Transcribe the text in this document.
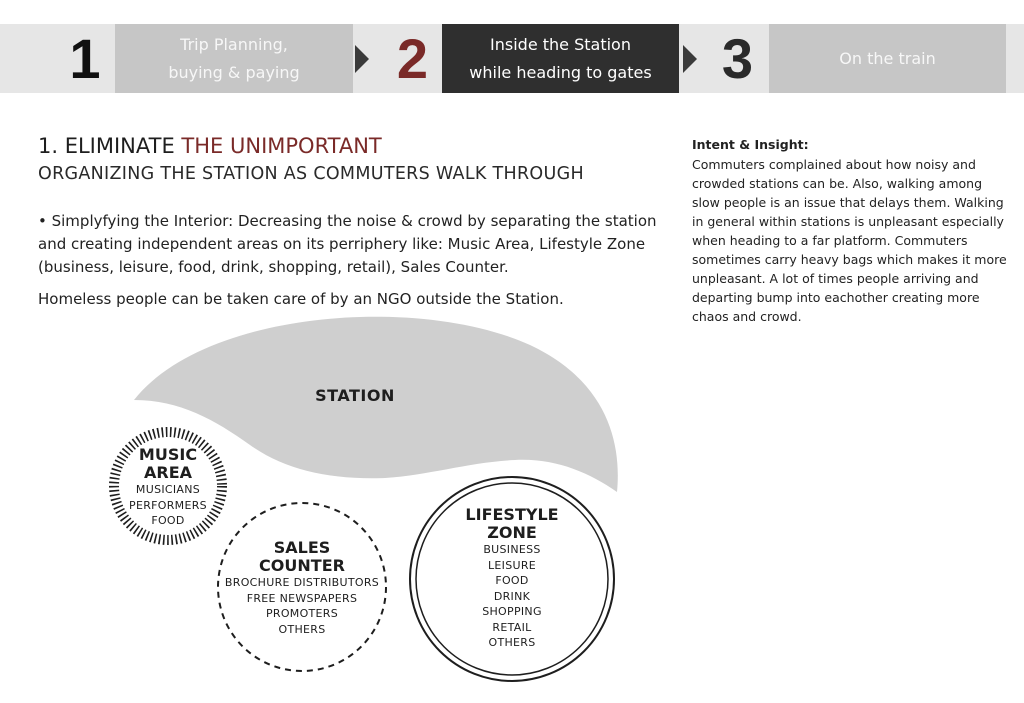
1	Trip Planning,
buying & paying 2	Inside the Station
while heading to gates	3	On the train
1. ELIMINATE THE UNIMPORTANT
ORGANIZING THE STATION AS COMMUTERS WALK THROUGH
• Simplyfying the Interior: Decreasing the noise & crowd by separating the station and creating independent areas on its perriphery like: Music Area, Lifestyle Zone (business, leisure, food, drink, shopping, retail), Sales Counter.
Homeless people can be taken care of by an NGO outside the Station.
Intent & Insight:
Commuters complained about how noisy and crowded stations can be. Also, walking among slow people is an issue that delays them. Walking in general within stations is unpleasant especially when heading to a far platform. Commuters sometimes carry heavy bags which makes it more unpleasant. A lot of times people arriving and departing bump into eachother creating more chaos and crowd.
STATION
MUSIC
AREA
MUSICIANS
PERFORMERS
FOOD
SALES
COUNTER
BROCHURE DISTRIBUTORS
FREE NEWSPAPERS
PROMOTERS
OTHERS
LIFESTYLE
ZONE
BUSINESS
LEISURE
FOOD
DRINK
SHOPPING
RETAIL
OTHERS
